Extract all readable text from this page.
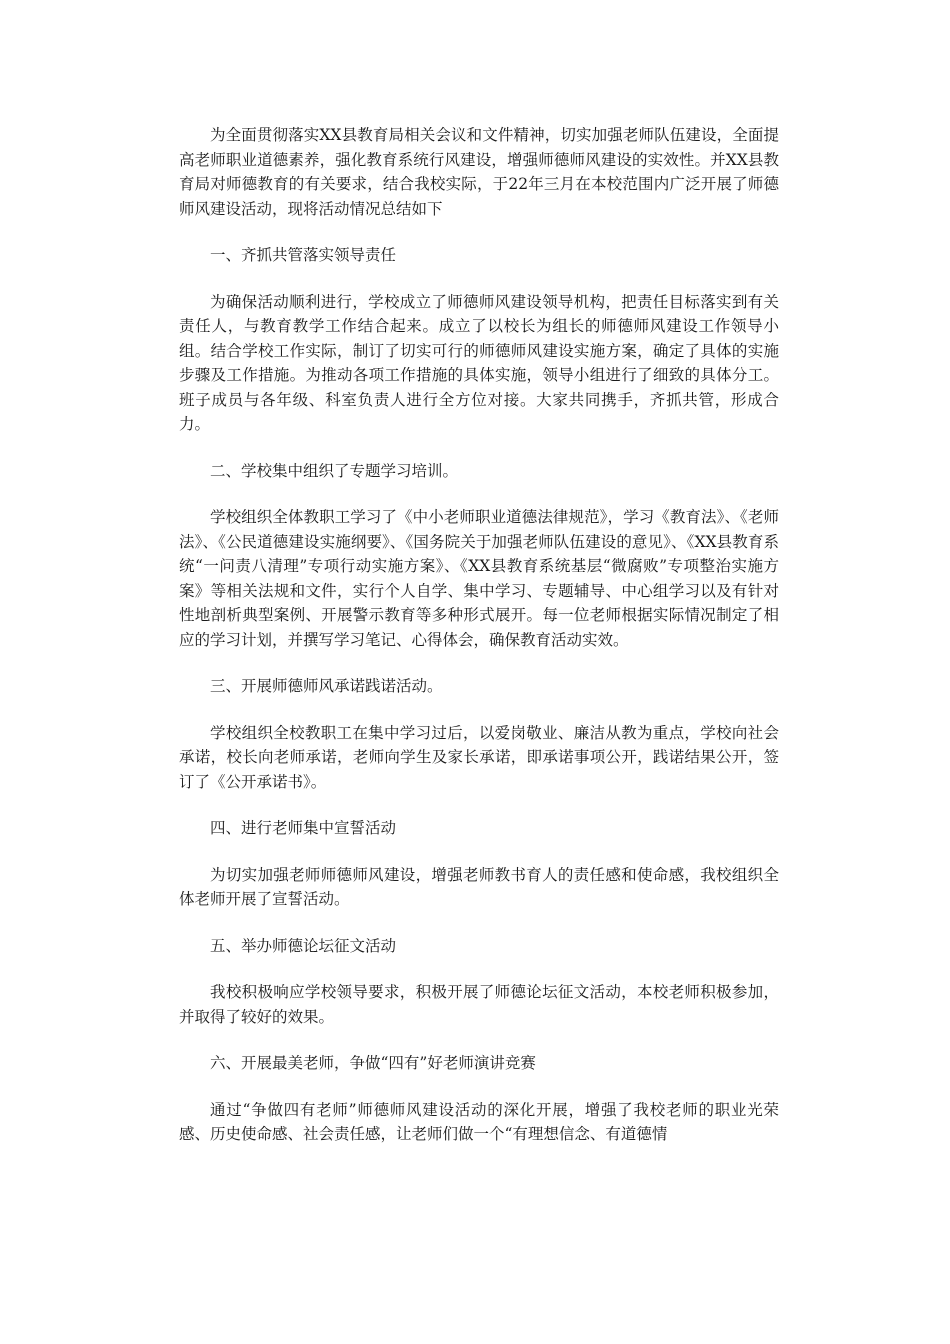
为全面贯彻落实XX县教育局相关会议和文件精神，切实加强老师队伍建设，全面提高老师职业道德素养，强化教育系统行风建设，增强师德师风建设的实效性。并XX县教育局对师德教育的有关要求，结合我校实际，于22年三月在本校范围内广泛开展了师德师风建设活动，现将活动情况总结如下

一、齐抓共管落实领导责任

为确保活动顺利进行，学校成立了师德师风建设领导机构，把责任目标落实到有关责任人，与教育教学工作结合起来。成立了以校长为组长的师德师风建设工作领导小组。结合学校工作实际，制订了切实可行的师德师风建设实施方案，确定了具体的实施步骤及工作措施。为推动各项工作措施的具体实施，领导小组进行了细致的具体分工。班子成员与各年级、科室负责人进行全方位对接。大家共同携手，齐抓共管，形成合力。

二、学校集中组织了专题学习培训。

学校组织全体教职工学习了《中小老师职业道德法律规范》，学习《教育法》、《老师法》、《公民道德建设实施纲要》、《国务院关于加强老师队伍建设的意见》、《XX县教育系统“一问责八清理”专项行动实施方案》、《XX县教育系统基层“微腐败”专项整治实施方案》等相关法规和文件，实行个人自学、集中学习、专题辅导、中心组学习以及有针对性地剖析典型案例、开展警示教育等多种形式展开。每一位老师根据实际情况制定了相应的学习计划，并撰写学习笔记、心得体会，确保教育活动实效。

三、开展师德师风承诺践诺活动。

学校组织全校教职工在集中学习过后，以爱岗敬业、廉洁从教为重点，学校向社会承诺，校长向老师承诺，老师向学生及家长承诺，即承诺事项公开，践诺结果公开，签订了《公开承诺书》。

四、进行老师集中宣誓活动

为切实加强老师师德师风建设，增强老师教书育人的责任感和使命感，我校组织全体老师开展了宣誓活动。

五、举办师德论坛征文活动

我校积极响应学校领导要求，积极开展了师德论坛征文活动，本校老师积极参加，并取得了较好的效果。

六、开展最美老师，争做“四有”好老师演讲竞赛

通过“争做四有老师”师德师风建设活动的深化开展，增强了我校老师的职业光荣感、历史使命感、社会责任感，让老师们做一个“有理想信念、有道德情
